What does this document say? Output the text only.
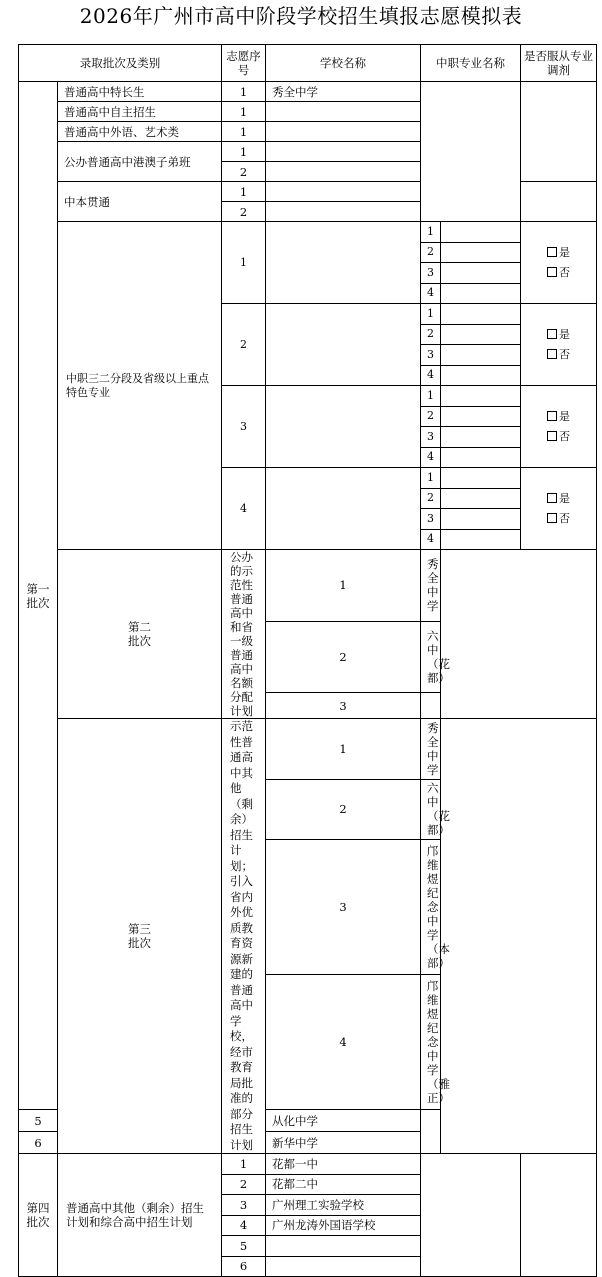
2026年广州市高中阶段学校招生填报志愿模拟表
录取批次及类别		志愿序号	学校名称	中职专业名称		是否服从专业调剂	
第一批次	普通高中特长生	1	秀全中学				
	普通高中自主招生	1					
	普通高中外语、艺术类	1					
	公办普通高中港澳子弟班	1					
		2					
	中本贯通	1					
		2					
	中职三二分段及省级以上重点特色专业	1		1		是
否	

				2			
				3			
				4			
		2		1		是
否	

				2			
				3			
				4			
		3		1		是
否	

				2			
				3			
				4			
		4		1		是
否	

				2			
				3			
				4			
	第二批次	公办的示范性普通高中和省一级普通高中名额分配计划	1	秀全中学			
			2	六中（花都）			
			3				
	第三批次	示范性普通高中其他（剩余）招生计划；引入省内外优质教育资源新建的普通高中学校，经市教育局批准的部分招生计划	1	秀全中学			
			2	六中（花都）			
			3	邝维煜纪念中学（本部）			
			4	邝维煜纪念中学（雅正）			
5			从化中学				
6			新华中学				
第四批次	普通高中其他（剩余）招生计划和综合高中招生计划	1	花都一中				
		2	花都二中				
		3	广州理工实验学校				
		4	广州龙涛外国语学校				
		5					
		6					
